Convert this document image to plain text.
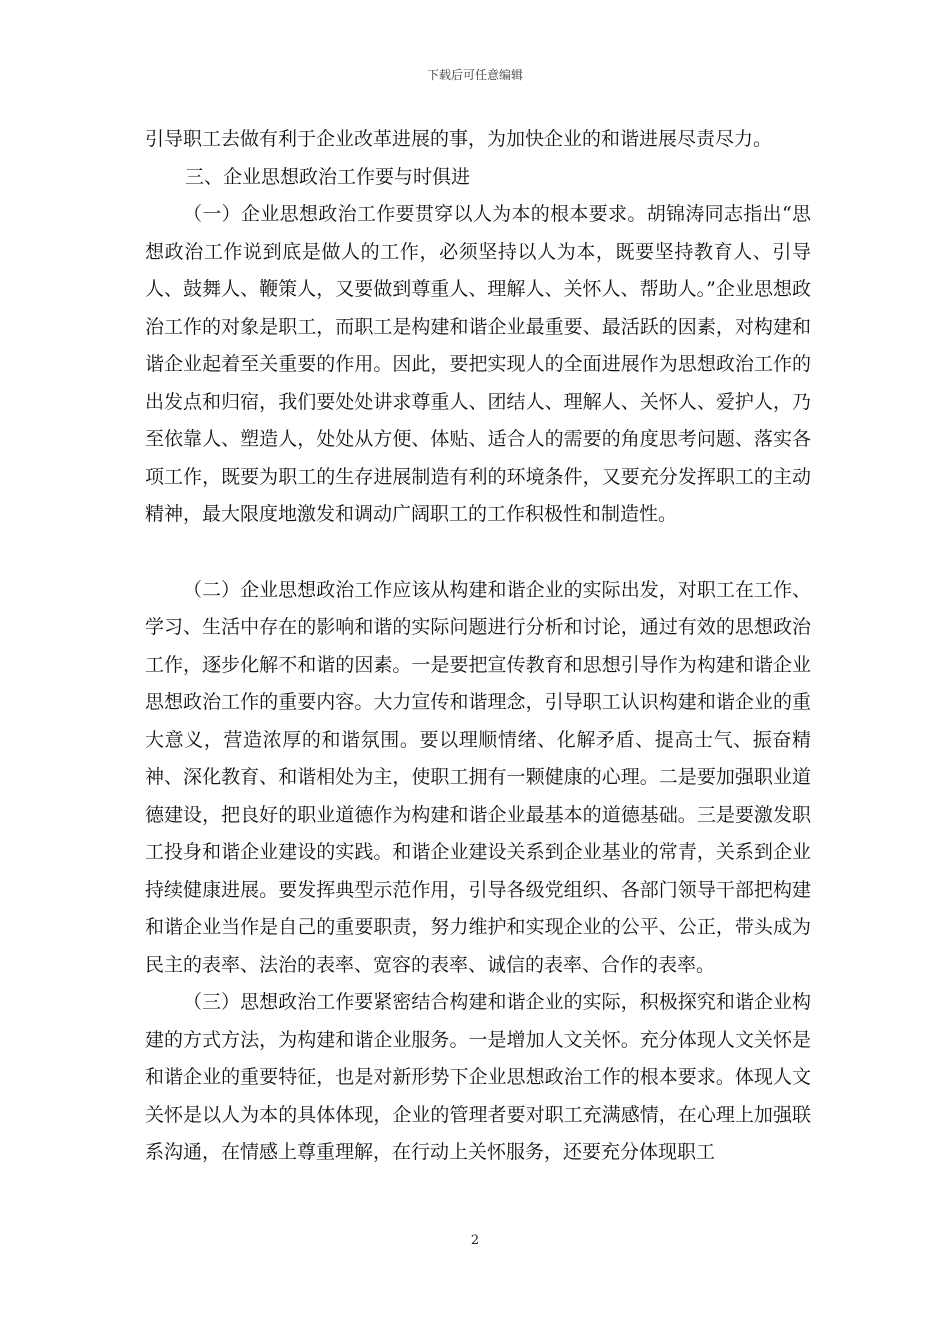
下载后可任意编辑

引导职工去做有利于企业改革进展的事，为加快企业的和谐进展尽责尽力。

三、企业思想政治工作要与时俱进

（一）企业思想政治工作要贯穿以人为本的根本要求。胡锦涛同志指出“思想政治工作说到底是做人的工作，必须坚持以人为本，既要坚持教育人、引导人、鼓舞人、鞭策人，又要做到尊重人、理解人、关怀人、帮助人。”企业思想政治工作的对象是职工，而职工是构建和谐企业最重要、最活跃的因素，对构建和谐企业起着至关重要的作用。因此，要把实现人的全面进展作为思想政治工作的出发点和归宿，我们要处处讲求尊重人、团结人、理解人、关怀人、爱护人，乃至依靠人、塑造人，处处从方便、体贴、适合人的需要的角度思考问题、落实各项工作，既要为职工的生存进展制造有利的环境条件，又要充分发挥职工的主动精神，最大限度地激发和调动广阔职工的工作积极性和制造性。

（二）企业思想政治工作应该从构建和谐企业的实际出发，对职工在工作、学习、生活中存在的影响和谐的实际问题进行分析和讨论，通过有效的思想政治工作，逐步化解不和谐的因素。一是要把宣传教育和思想引导作为构建和谐企业思想政治工作的重要内容。大力宣传和谐理念，引导职工认识构建和谐企业的重大意义，营造浓厚的和谐氛围。要以理顺情绪、化解矛盾、提高士气、振奋精神、深化教育、和谐相处为主，使职工拥有一颗健康的心理。二是要加强职业道德建设，把良好的职业道德作为构建和谐企业最基本的道德基础。三是要激发职工投身和谐企业建设的实践。和谐企业建设关系到企业基业的常青，关系到企业持续健康进展。要发挥典型示范作用，引导各级党组织、各部门领导干部把构建和谐企业当作是自己的重要职责，努力维护和实现企业的公平、公正，带头成为民主的表率、法治的表率、宽容的表率、诚信的表率、合作的表率。

（三）思想政治工作要紧密结合构建和谐企业的实际，积极探究和谐企业构建的方式方法，为构建和谐企业服务。一是增加人文关怀。充分体现人文关怀是和谐企业的重要特征，也是对新形势下企业思想政治工作的根本要求。体现人文关怀是以人为本的具体体现，企业的管理者要对职工充满感情，在心理上加强联系沟通，在情感上尊重理解，在行动上关怀服务，还要充分体现职工

2
